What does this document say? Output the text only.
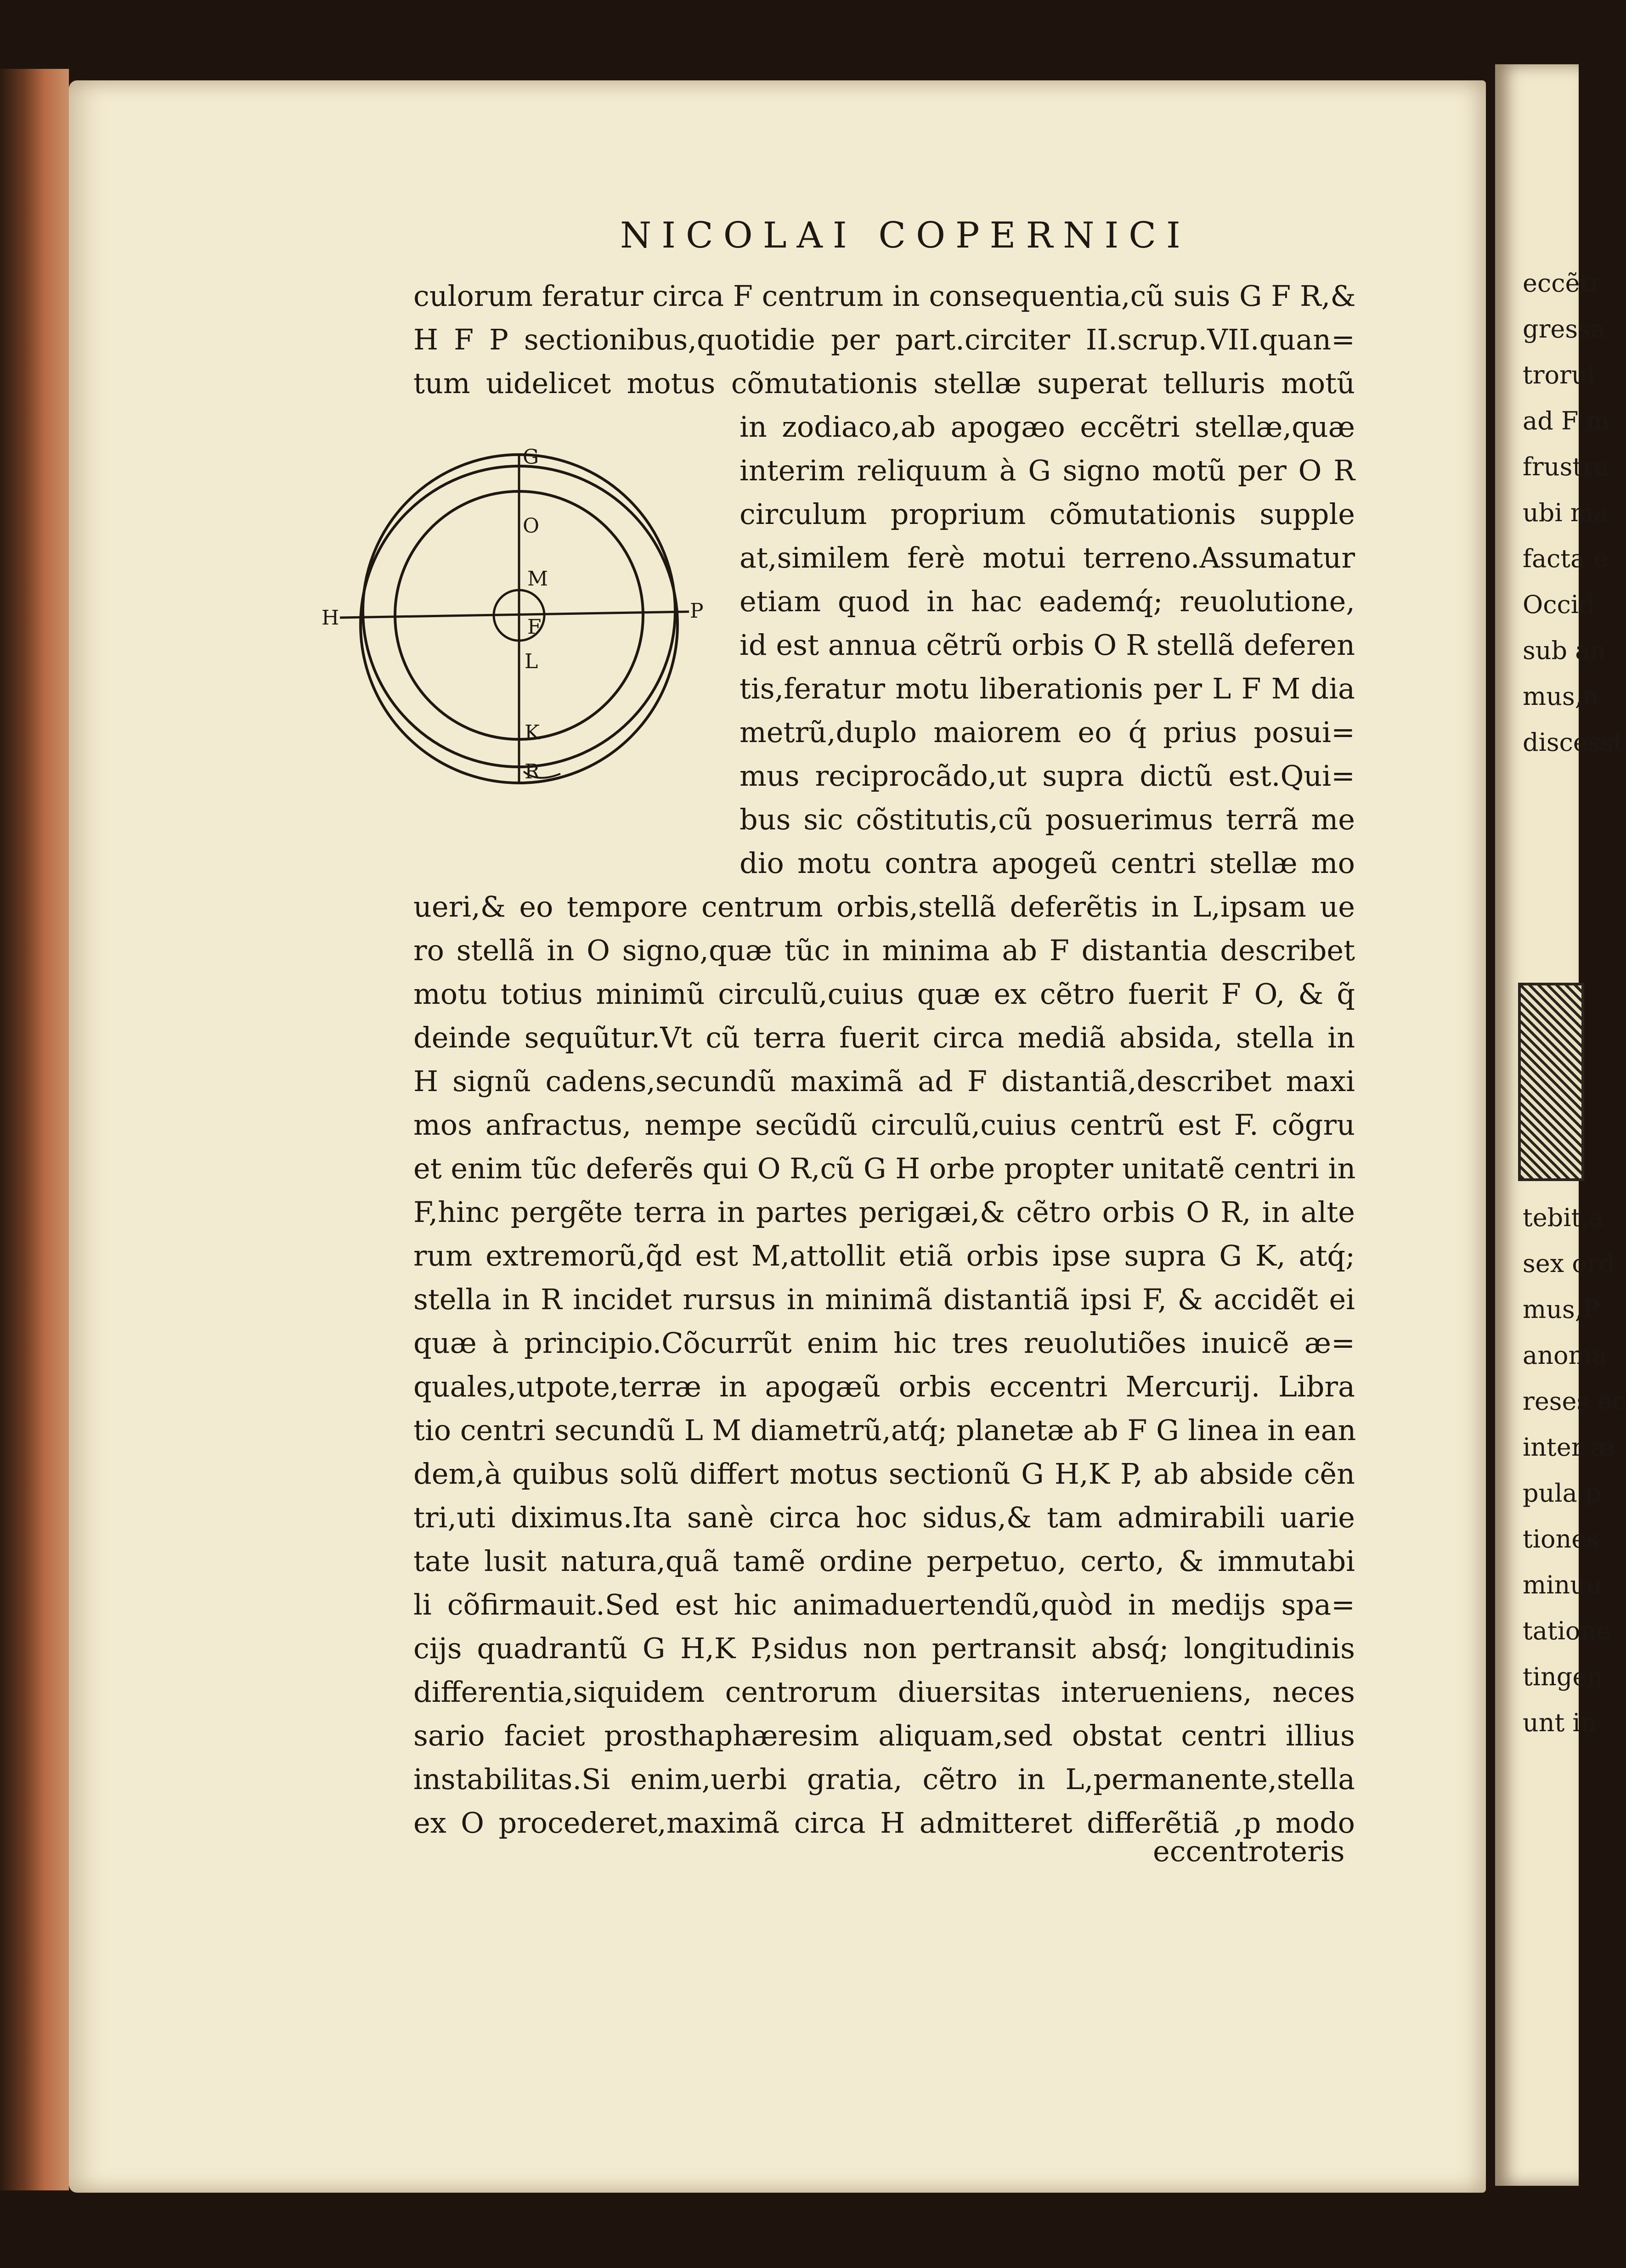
NICOLAI COPERNICI
G
O
M
F
L
K
R
H	P
culorum feratur circa F centrum in consequentia,cũ suis G F R,&
H F P sectionibus,quotidie per part.circiter II.scrup.VII.quan=
tum uidelicet motus cõmutationis stellæ superat telluris motũ
in zodiaco,ab apogæo eccẽtri stellæ,quæ
interim reliquum à G signo motũ per O R
circulum proprium cõmutationis supple
at,similem ferè motui terreno.Assumatur
etiam quod in hac eademq́; reuolutione,
id est annua cẽtrũ orbis O R stellã deferen
tis,feratur motu liberationis per L F M dia
metrũ,duplo maiorem eo q́ prius posui=
mus reciprocãdo,ut supra dictũ est.Qui=
bus sic cõstitutis,cũ posuerimus terrã me
dio motu contra apogeũ centri stellæ mo
ueri,& eo tempore centrum orbis,stellã deferẽtis in L,ipsam ue
ro stellã in O signo,quæ tũc in minima ab F distantia describet
motu totius minimũ circulũ,cuius quæ ex cẽtro fuerit F O, & q̃
deinde sequũtur.Vt cũ terra fuerit circa mediã absida, stella in
H signũ cadens,secundũ maximã ad F distantiã,describet maxi
mos anfractus, nempe secũdũ circulũ,cuius centrũ est F. cõgru
et enim tũc deferẽs qui O R,cũ G H orbe propter unitatẽ centri in
F,hinc pergẽte terra in partes perigæi,& cẽtro orbis O R, in alte
rum extremorũ,q̃d est M,attollit etiã orbis ipse supra G K, atq́;
stella in R incidet rursus in minimã distantiã ipsi F, & accidẽt ei
quæ à principio.Cõcurrũt enim hic tres reuolutiões inuicẽ æ=
quales,utpote,terræ in apogæũ orbis eccentri Mercurij. Libra
tio centri secundũ L M diametrũ,atq́; planetæ ab F G linea in ean
dem,à quibus solũ differt motus sectionũ G H,K P, ab abside cẽn
tri,uti diximus.Ita sanè circa hoc sidus,& tam admirabili uarie
tate lusit natura,quã tamẽ ordine perpetuo, certo, & immutabi
li cõfirmauit.Sed est hic animaduertendũ,quòd in medijs spa=
cijs quadrantũ G H,K P,sidus non pertransit absq́; longitudinis
differentia,siquidem centrorum diuersitas interueniens, neces
sario faciet prosthaphæresim aliquam,sed obstat centri illius
instabilitas.Si enim,uerbi gratia, cẽtro in L,permanente,stella
ex O procederet,maximã circa H admitteret differẽtiã ,p modo
eccentroteris
eccẽtr
gressa
trorui
ad F m
frustra
ubi ma
facta e
Occid
sub an
mus,n
discesst
tebit,a
sex ord
mus,P
anoma
reses ec
inter æ
pula p
tiones
minuu
tatione
tingen
unt in
